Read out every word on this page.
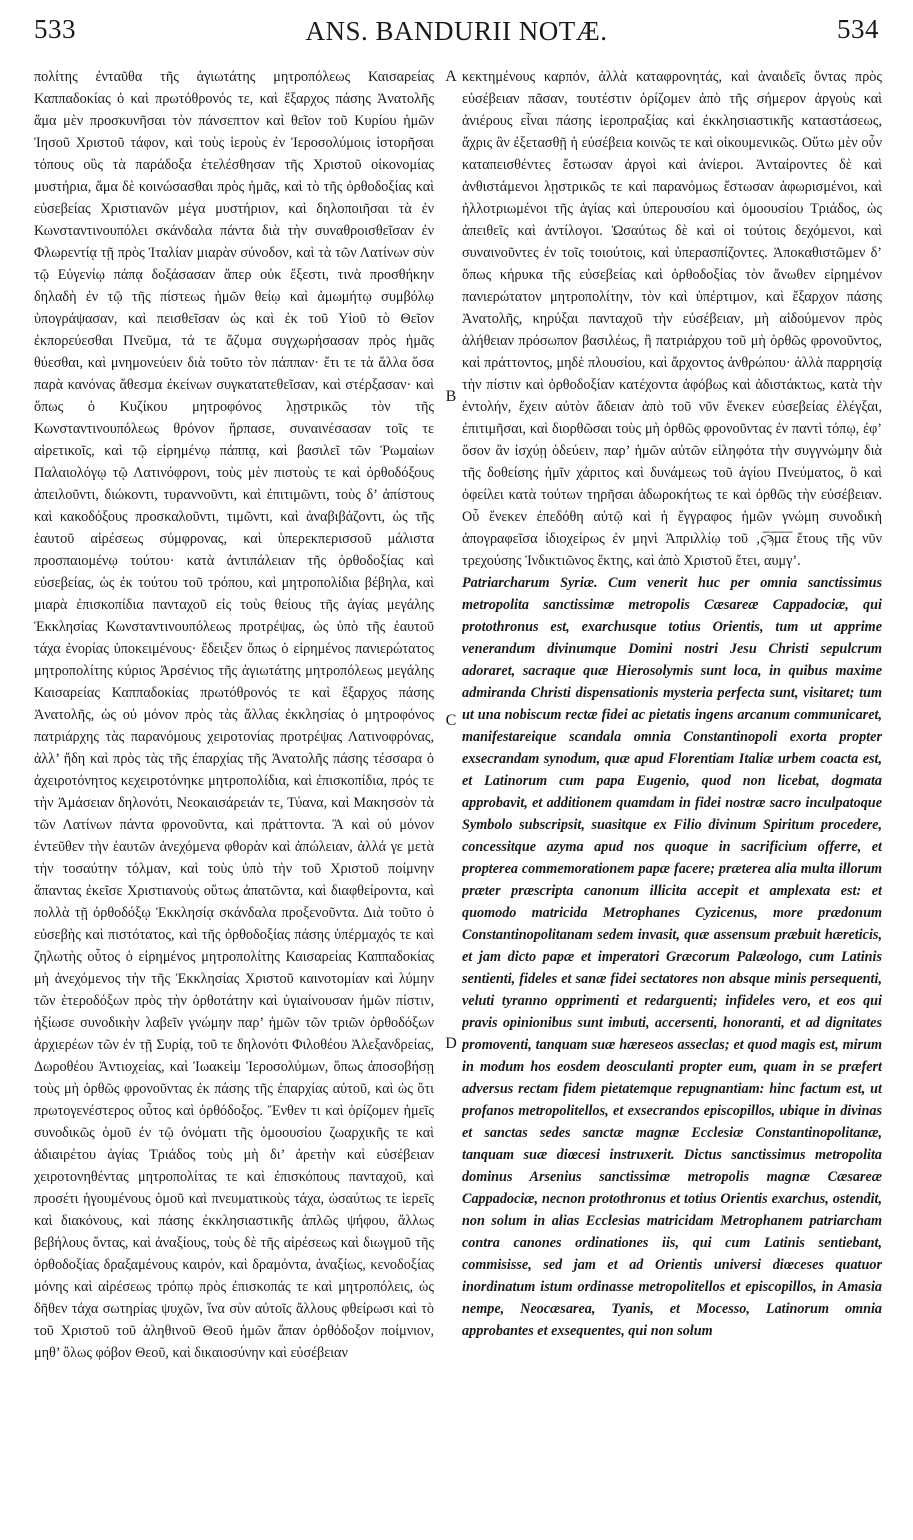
533	ANS. BANDURII NOTÆ.	534

πολίτης ἐνταῦθα τῆς ἁγιωτάτης μητροπόλεως Καισαρείας Καππαδοκίας ὁ καὶ πρωτόθρονός τε, καὶ ἔξαρχος πάσης Ἀνατολῆς ἅμα μὲν προσκυνῆσαι τὸν πάνσεπτον καὶ θεῖον τοῦ Κυρίου ἡμῶν Ἰησοῦ Χριστοῦ τάφον, καὶ τοὺς ἱεροὺς ἐν Ἱεροσολύμοις ἱστορῆσαι τόπους οὓς τὰ παράδοξα ἐτελέσθησαν τῆς Χριστοῦ οἰκονομίας μυστήρια, ἅμα δὲ κοινώσασθαι πρὸς ἡμᾶς, καὶ τὸ τῆς ὀρθοδοξίας καὶ εὐσεβείας Χριστιανῶν μέγα μυστήριον, καὶ δηλοποιῆσαι τὰ ἐν Κωνσταντινουπόλει σκάνδαλα πάντα διὰ τὴν συναθροισθεῖσαν ἐν Φλωρεντίᾳ τῇ πρὸς Ἰταλίαν μιαρὰν σύνοδον, καὶ τὰ τῶν Λατίνων σὺν τῷ Εὐγενίῳ πάπᾳ δοξάσασαν ἅπερ οὐκ ἔξεστι, τινὰ προσθήκην δηλαδὴ ἐν τῷ τῆς πίστεως ἡμῶν θείῳ καὶ ἀμωμήτῳ συμβόλῳ ὑπογράψασαν, καὶ πεισθεῖσαν ὡς καὶ ἐκ τοῦ Υἱοῦ τὸ Θεῖον ἐκπορεύεσθαι Πνεῦμα, τά τε ἄζυμα συγχωρήσασαν πρὸς ἡμᾶς θύεσθαι, καὶ μνημονεύειν διὰ τοῦτο τὸν πάππαν· ἔτι τε τὰ ἄλλα ὅσα παρὰ κανόνας ἄθεσμα ἐκείνων συγκατατεθεῖσαν, καὶ στέρξασαν· καὶ ὅπως ὁ Κυζίκου μητροφόνος λῃστρικῶς τὸν τῆς Κωνσταντινουπόλεως θρόνον ἥρπασε, συναινέσασαν τοῖς τε αἱρετικοῖς, καὶ τῷ εἰρημένῳ πάππᾳ, καὶ βασιλεῖ τῶν Ῥωμαίων Παλαιολόγῳ τῷ Λατινόφρονι, τοὺς μὲν πιστοὺς τε καὶ ὀρθοδόξους ἀπειλοῦντι, διώκοντι, τυραννοῦντι, καὶ ἐπιτιμῶντι, τοὺς δ’ ἀπίστους καὶ κακοδόξους προσκαλοῦντι, τιμῶντι, καὶ ἀναβιβάζοντι, ὡς τῆς ἑαυτοῦ αἱρέσεως σύμφρονας, καὶ ὑπερεκπερισσοῦ μάλιστα προσπαιομένῳ τούτου· κατὰ ἀντιπάλειαν τῆς ὀρθοδοξίας καὶ εὐσεβείας, ὡς ἐκ τούτου τοῦ τρόπου, καὶ μητροπολίδια βέβηλα, καὶ μιαρὰ ἐπισκοπίδια πανταχοῦ εἰς τοὺς θείους τῆς ἁγίας μεγάλης Ἐκκλησίας Κωνσταντινουπόλεως προτρέψας, ὡς ὑπὸ τῆς ἑαυτοῦ τάχα ἐνορίας ὑποκειμένους· ἔδειξεν ὅπως ὁ εἰρημένος πανιερώτατος μητροπολίτης κύριος Ἀρσένιος τῆς ἁγιωτάτης μητροπόλεως μεγάλης Καισαρείας Καππαδοκίας πρωτόθρονός τε καὶ ἔξαρχος πάσης Ἀνατολῆς, ὡς οὐ μόνον πρὸς τὰς ἄλλας ἐκκλησίας ὁ μητροφόνος πατριάρχης τὰς παρανόμους χειροτονίας προτρέψας Λατινοφρόνας, ἀλλ’ ἤδη καὶ πρὸς τὰς τῆς ἐπαρχίας τῆς Ἀνατολῆς πάσης τέσσαρα ὁ ἀχειροτόνητος κεχειροτόνηκε μητροπολίδια, καὶ ἐπισκοπίδια, πρός τε τὴν Ἀμάσειαν δηλονότι, Νεοκαισάρειάν τε, Τύανα, καὶ Μακησσὸν τὰ τῶν Λατίνων πάντα φρονοῦντα, καὶ πράττοντα. Ἃ καὶ οὐ μόνον ἐντεῦθεν τὴν ἑαυτῶν ἀνεχόμενα φθορὰν καὶ ἀπώλειαν, ἀλλά γε μετὰ τὴν τοσαύτην τόλμαν, καὶ τοὺς ὑπὸ τὴν τοῦ Χριστοῦ ποίμνην ἅπαντας ἐκεῖσε Χριστιανοὺς οὕτως ἀπατῶντα, καὶ διαφθείροντα, καὶ πολλὰ τῇ ὀρθοδόξῳ Ἐκκλησίᾳ σκάνδαλα προξενοῦντα. Διὰ τοῦτο ὁ εὐσεβὴς καὶ πιστότατος, καὶ τῆς ὀρθοδοξίας πάσης ὑπέρμαχός τε καὶ ζηλωτὴς οὗτος ὁ εἰρημένος μητροπολίτης Καισαρείας Καππαδοκίας μὴ ἀνεχόμενος τὴν τῆς Ἐκκλησίας Χριστοῦ καινοτομίαν καὶ λύμην τῶν ἑτεροδόξων πρὸς τὴν ὀρθοτάτην καὶ ὑγιαίνουσαν ἡμῶν πίστιν, ἠξίωσε συνοδικὴν λαβεῖν γνώμην παρ’ ἡμῶν τῶν τριῶν ὀρθοδόξων ἀρχιερέων τῶν ἐν τῇ Συρίᾳ, τοῦ τε δηλονότι Φιλοθέου Ἀλεξανδρείας, Δωροθέου Ἀντιοχείας, καὶ Ἰωακεὶμ Ἱεροσολύμων, ὅπως ἀποσοβήσῃ τοὺς μὴ ὀρθῶς φρονοῦντας ἐκ πάσης τῆς ἐπαρχίας αὐτοῦ, καὶ ὡς ὅτι πρωτογενέστερος οὗτος καὶ ὀρθόδοξος. Ἔνθεν τι καὶ ὁρίζομεν ἡμεῖς συνοδικῶς ὁμοῦ ἐν τῷ ὀνόματι τῆς ὁμοουσίου ζωαρχικῆς τε καὶ ἀδιαιρέτου ἁγίας Τριάδος τοὺς μὴ δι’ ἀρετὴν καὶ εὐσέβειαν χειροτονηθέντας μητροπολίτας τε καὶ ἐπισκόπους πανταχοῦ, καὶ προσέτι ἡγουμένους ὁμοῦ καὶ πνευματικοὺς τάχα, ὡσαύτως τε ἱερεῖς καὶ διακόνους, καὶ πάσης ἐκκλησιαστικῆς ἁπλῶς ψήφου, ἄλλως βεβήλους ὄντας, καὶ ἀναξίους, τοὺς δὲ τῆς αἱρέσεως καὶ διωγμοῦ τῆς ὀρθοδοξίας δραξαμένους καιρόν, καὶ δραμόντα, ἀναξίως, κενοδοξίας μόνης καὶ αἱρέσεως τρόπῳ πρὸς ἐπισκοπάς τε καὶ μητροπόλεις, ὡς δῆθεν τάχα σωτηρίας ψυχῶν, ἵνα σὺν αὐτοῖς ἄλλους φθείρωσι καὶ τὸ τοῦ Χριστοῦ τοῦ ἀληθινοῦ Θεοῦ ἡμῶν ἅπαν ὀρθόδοξον ποίμνιον, μηθ’ ὅλως φόβον Θεοῦ, καὶ δικαιοσύνην καὶ εὐσέβειαν

A
B
C
D

κεκτημένους καρπόν, ἀλλὰ καταφρονητάς, καὶ ἀναιδεῖς ὄντας πρὸς εὐσέβειαν πᾶσαν, τουτέστιν ὁρίζομεν ἀπὸ τῆς σήμερον ἀργοὺς καὶ ἀνιέρους εἶναι πάσης ἱεροπραξίας καὶ ἐκκλησιαστικῆς καταστάσεως, ἄχρις ἂν ἐξετασθῇ ἡ εὐσέβεια κοινῶς τε καὶ οἰκουμενικῶς. Οὕτω μὲν οὖν καταπεισθέντες ἔστωσαν ἀργοὶ καὶ ἀνίεροι. Ἀνταίροντες δὲ καὶ ἀνθιστάμενοι λῃστρικῶς τε καὶ παρανόμως ἔστωσαν ἀφωρισμένοι, καὶ ἠλλοτριωμένοι τῆς ἁγίας καὶ ὑπερουσίου καὶ ὁμοουσίου Τριάδος, ὡς ἀπειθεῖς καὶ ἀντίλογοι. Ὡσαύτως δὲ καὶ οἱ τούτοις δεχόμενοι, καὶ συναινοῦντες ἐν τοῖς τοιούτοις, καὶ ὑπερασπίζοντες. Ἀποκαθιστῶμεν δ’ ὅπως κήρυκα τῆς εὐσεβείας καὶ ὀρθοδοξίας τὸν ἄνωθεν εἰρημένον πανιερώτατον μητροπολίτην, τὸν καὶ ὑπέρτιμον, καὶ ἔξαρχον πάσης Ἀνατολῆς, κηρύξαι πανταχοῦ τὴν εὐσέβειαν, μὴ αἰδούμενον πρὸς ἀλήθειαν πρόσωπον βασιλέως, ἢ πατριάρχου τοῦ μὴ ὀρθῶς φρονοῦντος, καὶ πράττοντος, μηδὲ πλουσίου, καὶ ἄρχοντος ἀνθρώπου· ἀλλὰ παρρησίᾳ τὴν πίστιν καὶ ὀρθοδοξίαν κατέχοντα ἀφόβως καὶ ἀδιστάκτως, κατὰ τὴν ἐντολήν, ἔχειν αὐτὸν ἄδειαν ἀπὸ τοῦ νῦν ἕνεκεν εὐσεβείας ἐλέγξαι, ἐπιτιμῆσαι, καὶ διορθῶσαι τοὺς μὴ ὀρθῶς φρονοῦντας ἐν παντὶ τόπῳ, ἐφ’ ὅσον ἂν ἰσχύῃ ὁδεύειν, παρ’ ἡμῶν αὐτῶν εἰληφότα τὴν συγγνώμην διὰ τῆς δοθείσης ἡμῖν χάριτος καὶ δυνάμεως τοῦ ἁγίου Πνεύματος, ὃ καὶ ὀφείλει κατὰ τούτων τηρῆσαι ἀδωροκήτως τε καὶ ὀρθῶς τὴν εὐσέβειαν. Οὗ ἕνεκεν ἐπεδόθη αὐτῷ καὶ ἡ ἔγγραφος ἡμῶν γνώμη συνοδικὴ ἀπογραφεῖσα ἰδιοχείρως ἐν μηνὶ Ἀπριλλίῳ τοῦ ‚ς̅ϡ̅μ̅α̅ ἔτους τῆς νῦν τρεχούσης Ἰνδικτιῶνος ἕκτης, καὶ ἀπὸ Χριστοῦ ἔτει, αυμγ’.

Patriarcharum Syriæ. Cum venerit huc per omnia sanctissimus metropolita sanctissimæ metropolis Cæsareæ Cappadociæ, qui protothronus est, exarchusque totius Orientis, tum ut apprime venerandum divinumque Domini nostri Jesu Christi sepulcrum adoraret, sacraque quæ Hierosolymis sunt loca, in quibus maxime admiranda Christi dispensationis mysteria perfecta sunt, visitaret; tum ut una nobiscum rectæ fidei ac pietatis ingens arcanum communicaret, manifestareique scandala omnia Constantinopoli exorta propter exsecrandam synodum, quæ apud Florentiam Italiæ urbem coacta est, et Latinorum cum papa Eugenio, quod non licebat, dogmata approbavit, et additionem quamdam in fidei nostræ sacro inculpatoque Symbolo subscripsit, suasitque ex Filio divinum Spiritum procedere, concessitque azyma apud nos quoque in sacrificium offerre, et propterea commemorationem papæ facere; præterea alia multa illorum præter præscripta canonum illicita accepit et amplexata est: et quomodo matricida Metrophanes Cyzicenus, more prædonum Constantinopolitanam sedem invasit, quæ assensum præbuit hæreticis, et jam dicto papæ et imperatori Græcorum Palæologo, cum Latinis sentienti, fideles et sanæ fidei sectatores non absque minis persequenti, veluti tyranno opprimenti et redarguenti; infideles vero, et eos qui pravis opinionibus sunt imbuti, accersenti, honoranti, et ad dignitates promoventi, tanquam suæ hæreseos asseclas; et quod magis est, mirum in modum hos eosdem deosculanti propter eum, quam in se præfert adversus rectam fidem pietatemque repugnantiam: hinc factum est, ut profanos metropolitellos, et exsecrandos episcopillos, ubique in divinas et sanctas sedes sanctæ magnæ Ecclesiæ Constantinopolitanæ, tanquam suæ diœcesi instruxerit. Dictus sanctissimus metropolita dominus Arsenius sanctissimæ metropolis magnæ Cæsareæ Cappadociæ, necnon protothronus et totius Orientis exarchus, ostendit, non solum in alias Ecclesias matricidam Metrophanem patriarcham contra canones ordinationes iis, qui cum Latinis sentiebant, commisisse, sed jam et ad Orientis universi diœceses quatuor inordinatum istum ordinasse metropolitellos et episcopillos, in Amasia nempe, Neocæsarea, Tyanis, et Mocesso, Latinorum omnia approbantes et exsequentes, qui non solum
